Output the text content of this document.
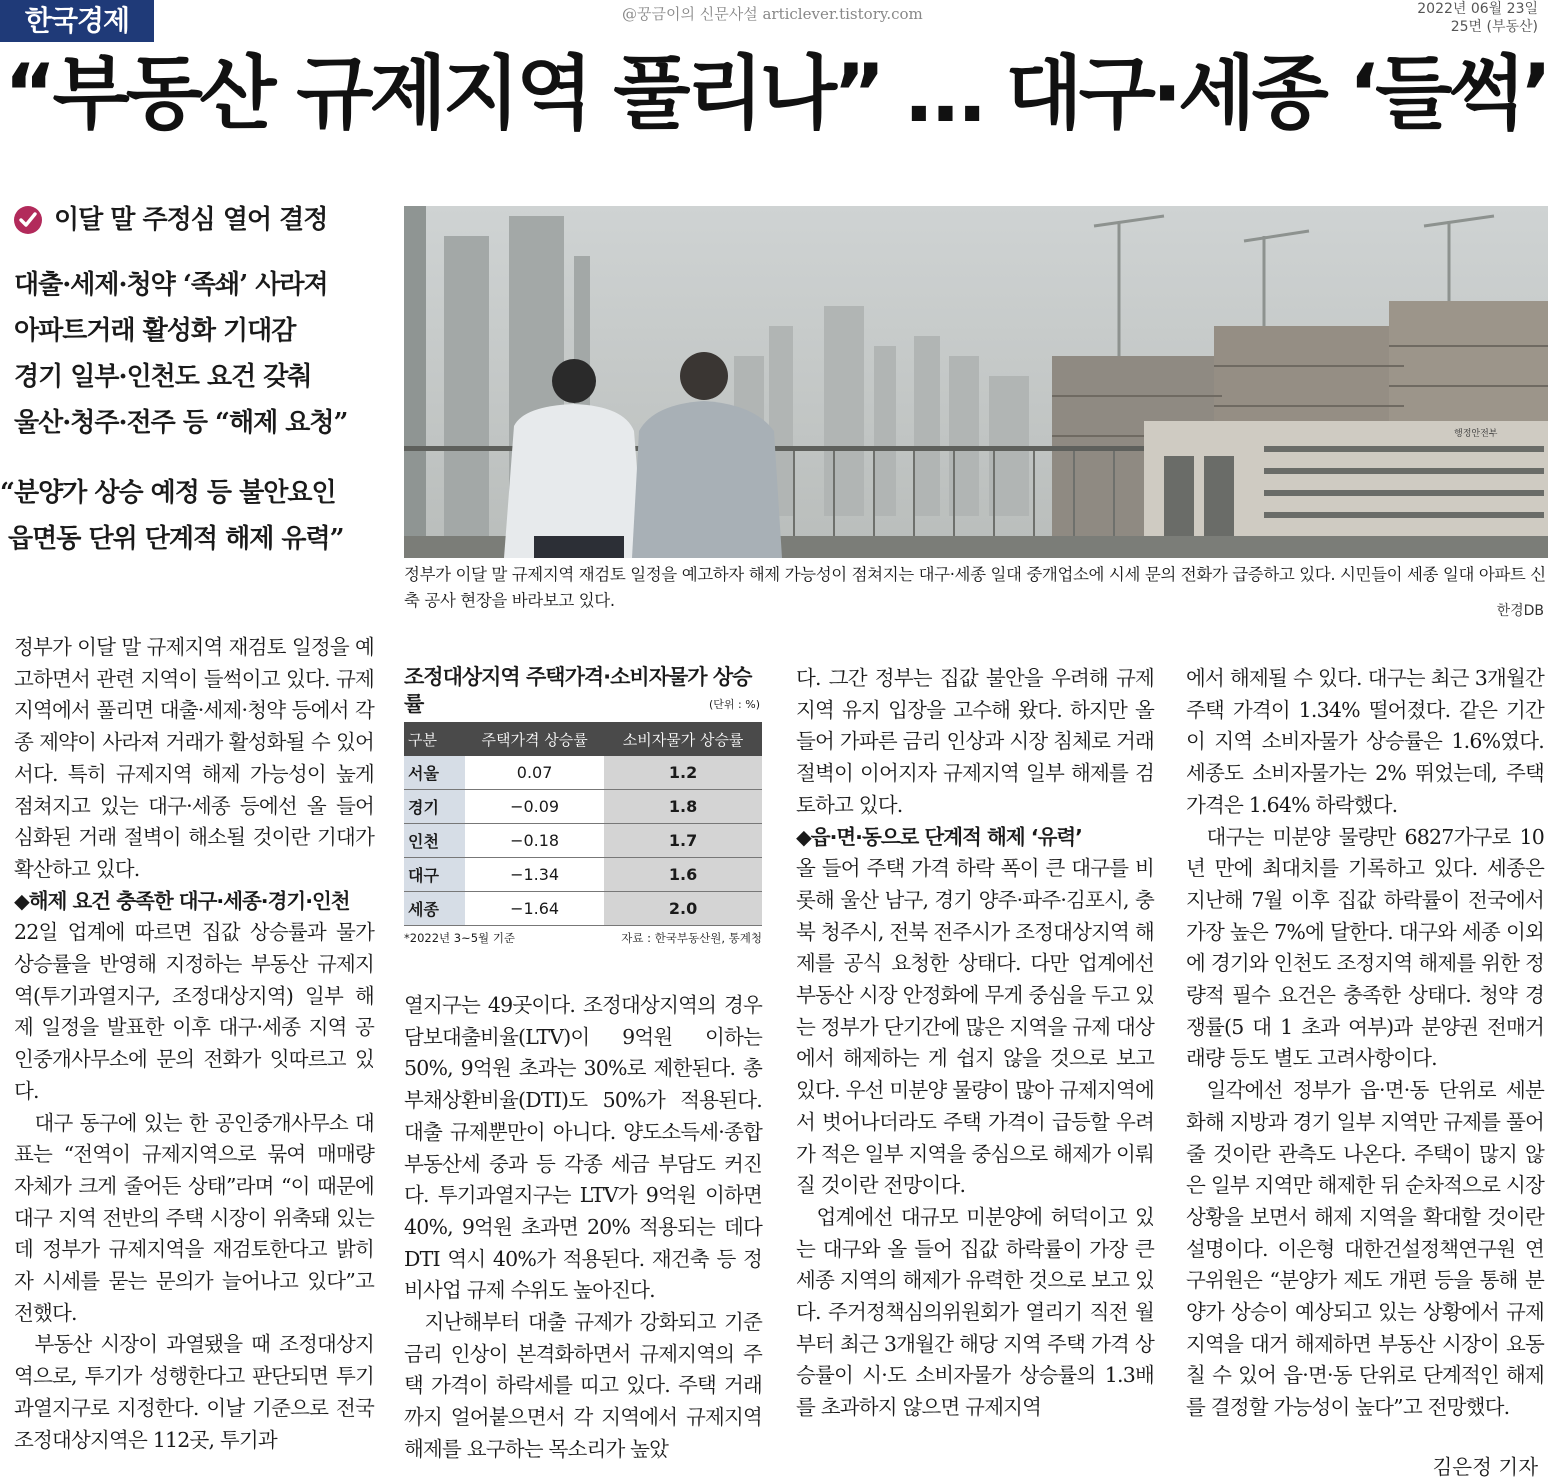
한국경제	@꿍금이의 신문사설 articlever.tistory.com	2022년 06월 23일
25면 (부동산)
“부동산 규제지역 풀리나” … 대구·세종 ‘들썩’
이달 말 주정심 열어 결정
대출·세제·청약 ‘족쇄’ 사라져
아파트거래 활성화 기대감
경기 일부·인천도 요건 갖춰
울산·청주·전주 등 “해제 요청”
“분양가 상승 예정 등 불안요인
읍면동 단위 단계적 해제 유력”
행정안전부
정부가 이달 말 규제지역 재검토 일정을 예고하자 해제 가능성이 점쳐지는 대구·세종 일대 중개업소에 시세 문의 전화가 급증하고 있다. 시민들이 세종 일대 아파트 신축 공사 현장을 바라보고 있다.
한경DB

정부가 이달 말 규제지역 재검토 일정을 예고하면서 관련 지역이 들썩이고 있다. 규제지역에서 풀리면 대출·세제·청약 등에서 각종 제약이 사라져 거래가 활성화될 수 있어서다. 특히 규제지역 해제 가능성이 높게 점쳐지고 있는 대구·세종 등에선 올 들어 심화된 거래 절벽이 해소될 것이란 기대가 확산하고 있다.

◆해제 요건 충족한 대구·세종·경기·인천

22일 업계에 따르면 집값 상승률과 물가 상승률을 반영해 지정하는 부동산 규제지역(투기과열지구, 조정대상지역) 일부 해제 일정을 발표한 이후 대구·세종 지역 공인중개사무소에 문의 전화가 잇따르고 있다.

대구 동구에 있는 한 공인중개사무소 대표는 “전역이 규제지역으로 묶여 매매량 자체가 크게 줄어든 상태”라며 “이 때문에 대구 지역 전반의 주택 시장이 위축돼 있는데 정부가 규제지역을 재검토한다고 밝히자 시세를 묻는 문의가 늘어나고 있다”고 전했다.

부동산 시장이 과열됐을 때 조정대상지역으로, 투기가 성행한다고 판단되면 투기과열지구로 지정한다. 이날 기준으로 전국 조정대상지역은 112곳, 투기과

조정대상지역 주택가격·소비자물가 상승률	(단위 : %)
구분	주택가격 상승률	소비자물가 상승률
서울	0.07	1.2
경기	−0.09	1.8
인천	−0.18	1.7
대구	−1.34	1.6
세종	−1.64	2.0
*2022년 3~5월 기준	자료 : 한국부동산원, 통계청

열지구는 49곳이다. 조정대상지역의 경우 담보대출비율(LTV)이 9억원 이하는 50%, 9억원 초과는 30%로 제한된다. 총부채상환비율(DTI)도 50%가 적용된다. 대출 규제뿐만이 아니다. 양도소득세·종합부동산세 중과 등 각종 세금 부담도 커진다. 투기과열지구는 LTV가 9억원 이하면 40%, 9억원 초과면 20% 적용되는 데다 DTI 역시 40%가 적용된다. 재건축 등 정비사업 규제 수위도 높아진다.

지난해부터 대출 규제가 강화되고 기준금리 인상이 본격화하면서 규제지역의 주택 가격이 하락세를 띠고 있다. 주택 거래까지 얼어붙으면서 각 지역에서 규제지역 해제를 요구하는 목소리가 높았

다. 그간 정부는 집값 불안을 우려해 규제지역 유지 입장을 고수해 왔다. 하지만 올 들어 가파른 금리 인상과 시장 침체로 거래절벽이 이어지자 규제지역 일부 해제를 검토하고 있다.

◆읍·면·동으로 단계적 해제 ‘유력’

올 들어 주택 가격 하락 폭이 큰 대구를 비롯해 울산 남구, 경기 양주·파주·김포시, 충북 청주시, 전북 전주시가 조정대상지역 해제를 공식 요청한 상태다. 다만 업계에선 부동산 시장 안정화에 무게 중심을 두고 있는 정부가 단기간에 많은 지역을 규제 대상에서 해제하는 게 쉽지 않을 것으로 보고 있다. 우선 미분양 물량이 많아 규제지역에서 벗어나더라도 주택 가격이 급등할 우려가 적은 일부 지역을 중심으로 해제가 이뤄질 것이란 전망이다.

업계에선 대규모 미분양에 허덕이고 있는 대구와 올 들어 집값 하락률이 가장 큰 세종 지역의 해제가 유력한 것으로 보고 있다. 주거정책심의위원회가 열리기 직전 월부터 최근 3개월간 해당 지역 주택 가격 상승률이 시·도 소비자물가 상승률의 1.3배를 초과하지 않으면 규제지역

에서 해제될 수 있다. 대구는 최근 3개월간 주택 가격이 1.34% 떨어졌다. 같은 기간 이 지역 소비자물가 상승률은 1.6%였다. 세종도 소비자물가는 2% 뛰었는데, 주택 가격은 1.64% 하락했다.

대구는 미분양 물량만 6827가구로 10년 만에 최대치를 기록하고 있다. 세종은 지난해 7월 이후 집값 하락률이 전국에서 가장 높은 7%에 달한다. 대구와 세종 이외에 경기와 인천도 조정지역 해제를 위한 정량적 필수 요건은 충족한 상태다. 청약 경쟁률(5 대 1 초과 여부)과 분양권 전매거래량 등도 별도 고려사항이다.

일각에선 정부가 읍·면·동 단위로 세분화해 지방과 경기 일부 지역만 규제를 풀어줄 것이란 관측도 나온다. 주택이 많지 않은 일부 지역만 해제한 뒤 순차적으로 시장 상황을 보면서 해제 지역을 확대할 것이란 설명이다. 이은형 대한건설정책연구원 연구위원은 “분양가 제도 개편 등을 통해 분양가 상승이 예상되고 있는 상황에서 규제지역을 대거 해제하면 부동산 시장이 요동칠 수 있어 읍·면·동 단위로 단계적인 해제를 결정할 가능성이 높다”고 전망했다.

김은정 기자
